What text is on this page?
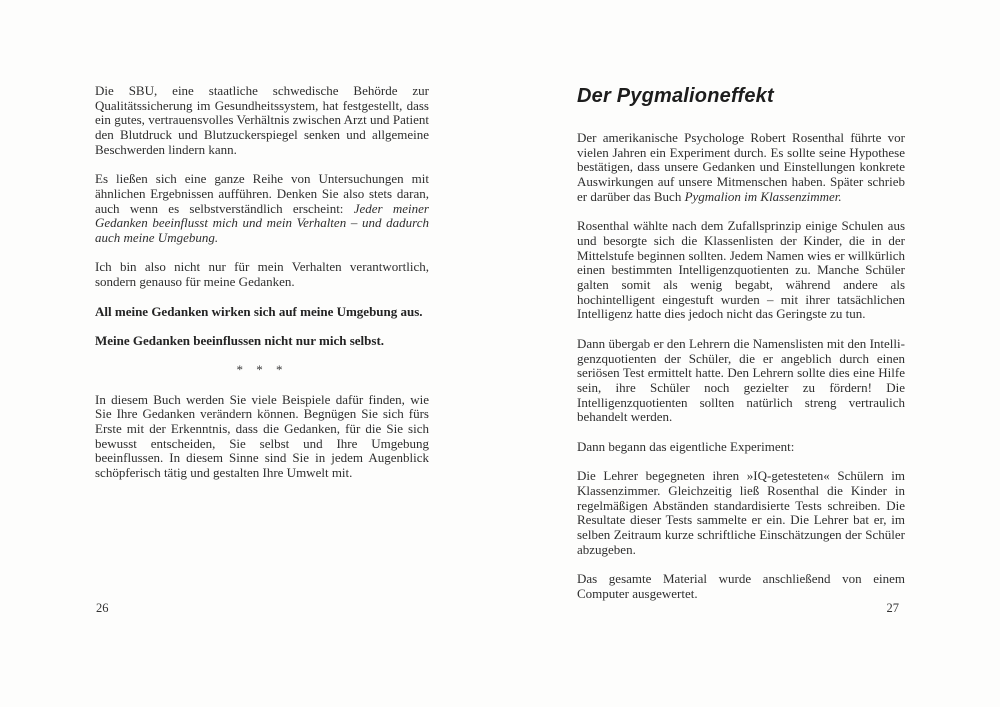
Die SBU, eine staatliche schwedische Behörde zur Qualitätssicherung im Gesundheitssystem, hat festgestellt, dass ein gutes, vertrauensvolles Verhältnis zwischen Arzt und Patient den Blutdruck und Blutzuckerspiegel senken und allgemeine Beschwerden lindern kann.

Es ließen sich eine ganze Reihe von Untersuchungen mit ähnlichen Ergebnissen aufführen. Denken Sie also stets daran, auch wenn es selbstverständlich erscheint: Jeder meiner Gedanken beeinflusst mich und mein Verhalten – und dadurch auch meine Umgebung.

Ich bin also nicht nur für mein Verhalten verantwortlich, sondern genauso für meine Gedanken.

All meine Gedanken wirken sich auf meine Umgebung aus.

Meine Gedanken beeinflussen nicht nur mich selbst.

* * *

In diesem Buch werden Sie viele Beispiele dafür finden, wie Sie Ihre Gedanken verändern können. Begnügen Sie sich fürs Erste mit der Erkenntnis, dass die Gedanken, für die Sie sich bewusst entscheiden, Sie selbst und Ihre Umgebung beeinflussen. In diesem Sinne sind Sie in jedem Augenblick schöpferisch tätig und gestalten Ihre Umwelt mit.

Der Pygmalioneffekt

Der amerikanische Psychologe Robert Rosenthal führte vor vielen Jahren ein Experiment durch. Es sollte seine Hypothese bestätigen, dass unsere Gedanken und Einstellungen konkrete Auswirkungen auf unsere Mitmenschen haben. Später schrieb er darüber das Buch Pygmalion im Klassenzimmer.

Rosenthal wählte nach dem Zufallsprinzip einige Schulen aus und besorgte sich die Klassenlisten der Kinder, die in der Mittelstufe beginnen sollten. Jedem Namen wies er willkürlich einen bestimmten Intelligenzquotienten zu. Manche Schüler galten somit als wenig begabt, während andere als hochintelligent eingestuft wurden – mit ihrer tatsächlichen Intelligenz hatte dies jedoch nicht das Geringste zu tun.

Dann übergab er den Lehrern die Namenslisten mit den Intelligenzquotienten der Schüler, die er angeblich durch einen seriösen Test ermittelt hatte. Den Lehrern sollte dies eine Hilfe sein, ihre Schüler noch gezielter zu fördern! Die Intelligenzquotienten sollten natürlich streng vertraulich behandelt werden.

Dann begann das eigentliche Experiment:

Die Lehrer begegneten ihren »IQ-getesteten« Schülern im Klassenzimmer. Gleichzeitig ließ Rosenthal die Kinder in regelmäßigen Abständen standardisierte Tests schreiben. Die Resultate dieser Tests sammelte er ein. Die Lehrer bat er, im selben Zeitraum kurze schriftliche Einschätzungen der Schüler abzugeben.

Das gesamte Material wurde anschließend von einem Computer ausgewertet.

26	27
